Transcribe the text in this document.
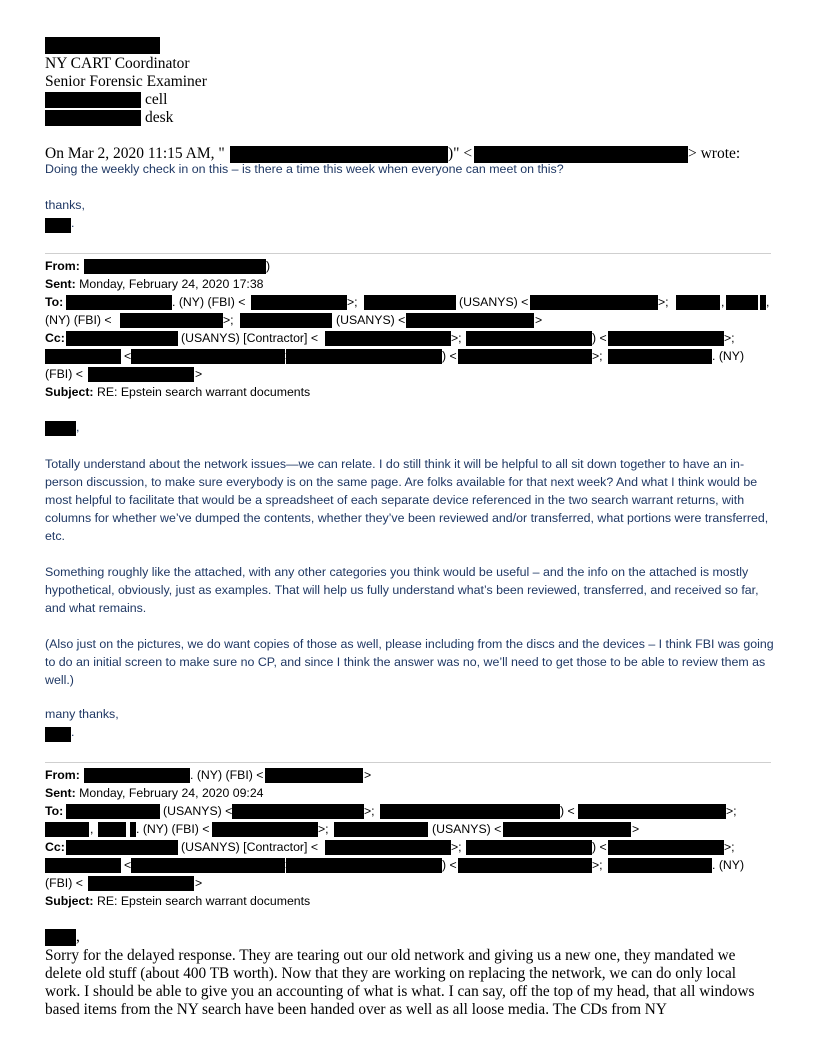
NY CART Coordinator
Senior Forensic Examiner
cell
desk
On Mar 2, 2020 11:15 AM, "	)" <	> wrote:
Doing the weekly check in on this – is there a time this week when everyone can meet on this?
thanks,
.
From:	)
Sent: Monday, February 24, 2020 17:38
To:	. (NY) (FBI) <	>;	(USANYS) <	>;	,	,
(NY) (FBI) <	>;	(USANYS) <	>
Cc:	(USANYS) [Contractor] <	>;	) <	>;
<	) <	>;	. (NY)
(FBI) <	>
Subject: RE: Epstein search warrant documents
,
Totally understand about the network issues—we can relate. I do still think it will be helpful to all sit down together to have an in-person discussion, to make sure everybody is on the same page. Are folks available for that next week? And what I think would be most helpful to facilitate that would be a spreadsheet of each separate device referenced in the two search warrant returns, with columns for whether we’ve dumped the contents, whether they’ve been reviewed and/or transferred, what portions were transferred, etc.
Something roughly like the attached, with any other categories you think would be useful – and the info on the attached is mostly hypothetical, obviously, just as examples. That will help us fully understand what’s been reviewed, transferred, and received so far, and what remains.
(Also just on the pictures, we do want copies of those as well, please including from the discs and the devices – I think FBI was going to do an initial screen to make sure no CP, and since I think the answer was no, we’ll need to get those to be able to review them as well.)
many thanks,
.
From:	. (NY) (FBI) <	>
Sent: Monday, February 24, 2020 09:24
To:	(USANYS) <	>;	) <	>;
,	. (NY) (FBI) <	>;	(USANYS) <	>
Cc:	(USANYS) [Contractor] <	>;	) <	>;
<	) <	>;	. (NY)
(FBI) <	>
Subject: RE: Epstein search warrant documents
,
Sorry for the delayed response. They are tearing out our old network and giving us a new one, they mandated we delete old stuff (about 400 TB worth). Now that they are working on replacing the network, we can do only local work. I should be able to give you an accounting of what is what. I can say, off the top of my head, that all windows based items from the NY search have been handed over as well as all loose media. The CDs from NY
